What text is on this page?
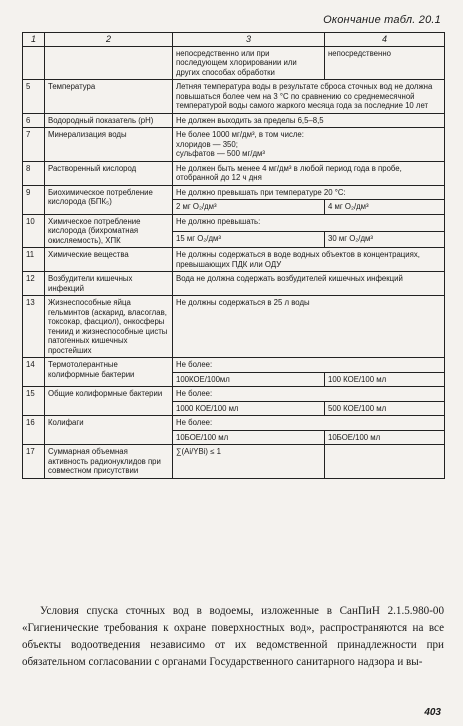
Окончание табл. 20.1
1	2	3	4
		непосредственно или при последующем хлорировании или других способах обработки	непосредственно
5	Температура	Летняя температура воды в результате сброса сточных вод не должна повышаться более чем на 3 °С по сравнению со среднемесячной температурой воды самого жаркого месяца года за последние 10 лет	
6	Водородный показатель (рН)	Не должен выходить за пределы 6,5–8,5	
7	Минерализация воды	Не более 1000 мг/дм³, в том числе:
хлоридов — 350;
сульфатов — 500 мг/дм³	

8	Растворенный кислород	Не должен быть менее 4 мг/дм³ в любой период года в пробе, отобранной до 12 ч дня	
9	Биохимическое потребление кислорода (БПК₅)	Не должно превышать при температуре 20 °С:	
		2 мг О₂/дм³	4 мг О₂/дм³
10	Химическое потребление кислорода (бихроматная окисляемость), ХПК	Не должно превышать:	
		15 мг О₂/дм³	30 мг О₂/дм³
11	Химические вещества	Не должны содержаться в воде водных объектов в концентрациях, превышающих ПДК или ОДУ	
12	Возбудители кишечных инфекций	Вода не должна содержать возбудителей кишечных инфекций	
13	Жизнеспособные яйца гельминтов (аскарид, власоглав, токсокар, фасциол), онкосферы тениид и жизнеспособные цисты патогенных кишечных простейших	Не должны содержаться в 25 л воды	
14	Термотолерантные колиформные бактерии	Не более:	
		100КОЕ/100мл	100 КОЕ/100 мл
15	Общие колиформные бактерии	Не более:	
		1000 КОЕ/100 мл	500 КОЕ/100 мл
16	Колифаги	Не более:	
		10БОЕ/100 мл	10БОЕ/100 мл
17	Суммарная объемная активность радионуклидов при совместном присутствии	∑(Ai/YBi) ≤ 1	

Условия спуска сточных вод в водоемы, изложенные в СанПиН 2.1.5.980-00 «Гигиенические требования к охране поверхностных вод», распространяются на все объекты водоотведения независимо от их ведомственной принадлежности при обязательном согласовании с органами Государственного санитарного надзора и вы-

403
